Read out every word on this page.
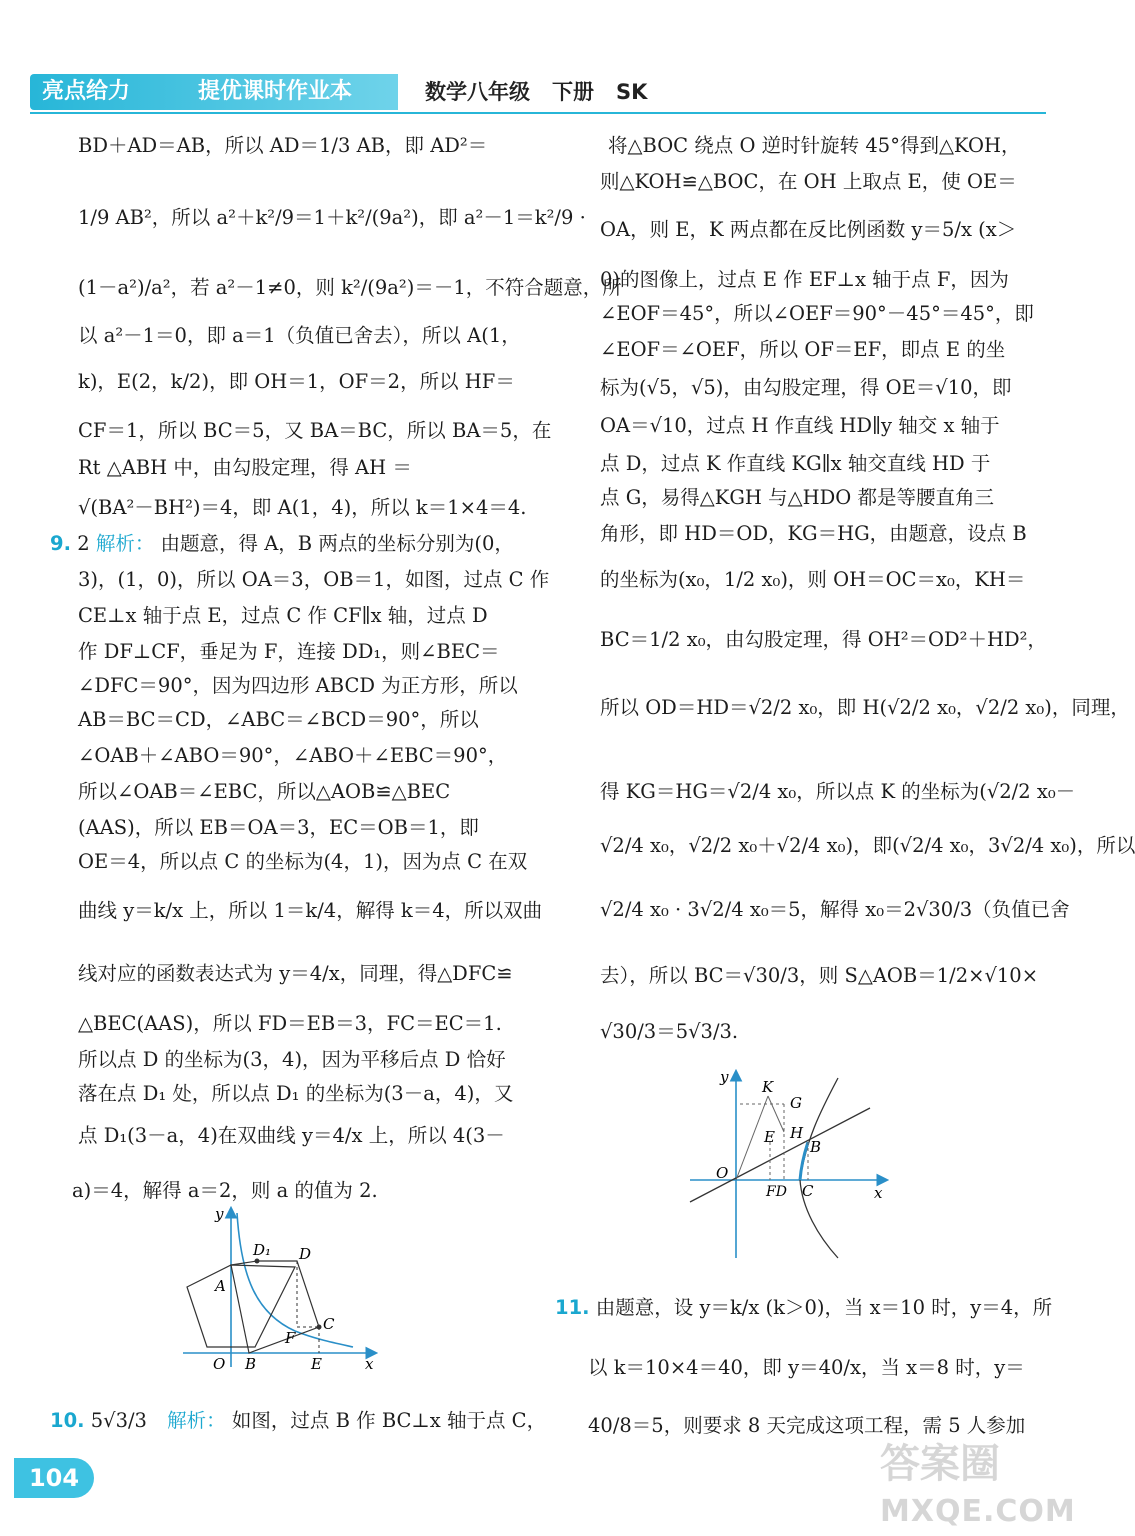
亮点给力	提优课时作业本	数学八年级 下册 SK
BD＋AD＝AB，所以 AD＝1/3 AB，即 AD²＝
1/9 AB²，所以 a²＋k²/9＝1＋k²/(9a²)，即 a²－1＝k²/9 ·
(1－a²)/a²，若 a²－1≠0，则 k²/(9a²)＝－1，不符合题意，所
以 a²－1＝0，即 a＝1（负值已舍去），所以 A(1，
k)，E(2，k/2)，即 OH＝1，OF＝2，所以 HF＝
CF＝1，所以 BC＝5，又 BA＝BC，所以 BA＝5，在
Rt △ABH 中，由勾股定理，得 AH ＝
√(BA²－BH²)＝4，即 A(1，4)，所以 k＝1×4＝4.
9. 2 解析： 由题意，得 A，B 两点的坐标分别为(0，
3)，(1，0)，所以 OA＝3，OB＝1，如图，过点 C 作
CE⊥x 轴于点 E，过点 C 作 CF∥x 轴，过点 D
作 DF⊥CF，垂足为 F，连接 DD₁，则∠BEC＝
∠DFC＝90°，因为四边形 ABCD 为正方形，所以
AB＝BC＝CD，∠ABC＝∠BCD＝90°，所以
∠OAB＋∠ABO＝90°，∠ABO＋∠EBC＝90°，
所以∠OAB＝∠EBC，所以△AOB≌△BEC
(AAS)，所以 EB＝OA＝3，EC＝OB＝1，即
OE＝4，所以点 C 的坐标为(4，1)，因为点 C 在双
曲线 y＝k/x 上，所以 1＝k/4，解得 k＝4，所以双曲
线对应的函数表达式为 y＝4/x，同理，得△DFC≌
△BEC(AAS)，所以 FD＝EB＝3，FC＝EC＝1.
所以点 D 的坐标为(3，4)，因为平移后点 D 恰好
落在点 D₁ 处，所以点 D₁ 的坐标为(3－a，4)，又
点 D₁(3－a，4)在双曲线 y＝4/x 上，所以 4(3－
a)＝4，解得 a＝2，则 a 的值为 2.
10. 5√3/3 解析： 如图，过点 B 作 BC⊥x 轴于点 C，
y
D₁ D
A
F
C
O B	E	x
将△BOC 绕点 O 逆时针旋转 45°得到△KOH，
则△KOH≌△BOC，在 OH 上取点 E，使 OE＝
OA，则 E，K 两点都在反比例函数 y＝5/x (x＞
0)的图像上，过点 E 作 EF⊥x 轴于点 F，因为
∠EOF＝45°，所以∠OEF＝90°－45°＝45°，即
∠EOF＝∠OEF，所以 OF＝EF，即点 E 的坐
标为(√5，√5)，由勾股定理，得 OE＝√10，即
OA＝√10，过点 H 作直线 HD∥y 轴交 x 轴于
点 D，过点 K 作直线 KG∥x 轴交直线 HD 于
点 G，易得△KGH 与△HDO 都是等腰直角三
角形，即 HD＝OD，KG＝HG，由题意，设点 B
的坐标为(x₀，1/2 x₀)，则 OH＝OC＝x₀，KH＝
BC＝1/2 x₀，由勾股定理，得 OH²＝OD²＋HD²，
所以 OD＝HD＝√2/2 x₀，即 H(√2/2 x₀，√2/2 x₀)，同理，
得 KG＝HG＝√2/4 x₀，所以点 K 的坐标为(√2/2 x₀－
√2/4 x₀，√2/2 x₀＋√2/4 x₀)，即(√2/4 x₀，3√2/4 x₀)，所以
√2/4 x₀ · 3√2/4 x₀＝5，解得 x₀＝2√30/3（负值已舍
去），所以 BC＝√30/3，则 S△AOB＝1/2×√10×
√30/3＝5√3/3.
11. 由题意，设 y＝k/x (k＞0)，当 x＝10 时，y＝4，所
以 k＝10×4＝40，即 y＝40/x，当 x＝8 时，y＝
40/8＝5，则要求 8 天完成这项工程，需 5 人参加
y
K
G
E H
B
O
FD C	x
104	答案圈
MXQE.COM
